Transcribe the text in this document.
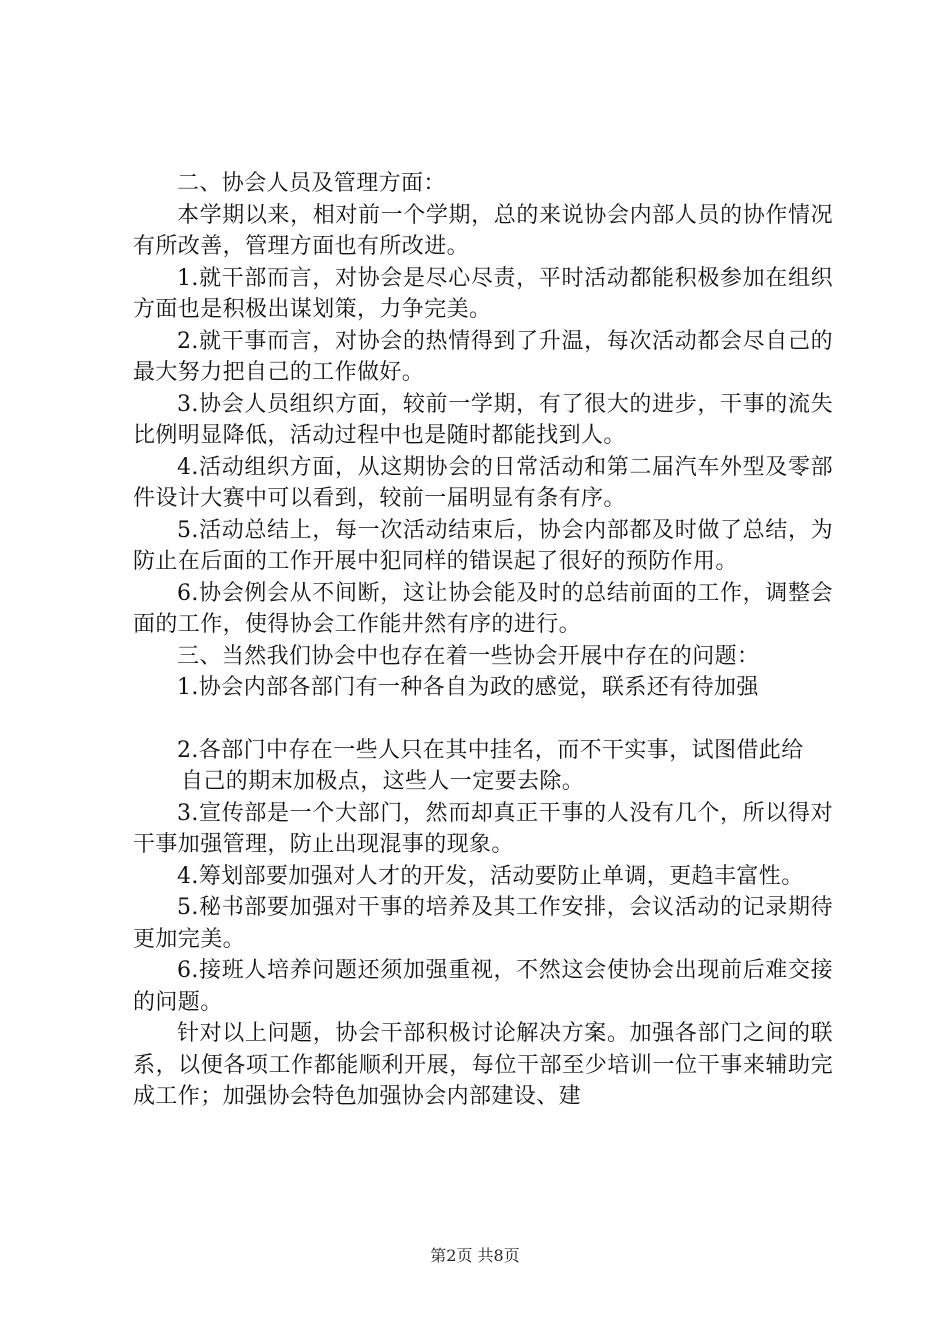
二、协会人员及管理方面：

本学期以来，相对前一个学期，总的来说协会内部人员的协作情况有所改善，管理方面也有所改进。

1.就干部而言，对协会是尽心尽责，平时活动都能积极参加在组织方面也是积极出谋划策，力争完美。

2.就干事而言，对协会的热情得到了升温，每次活动都会尽自己的最大努力把自己的工作做好。

3.协会人员组织方面，较前一学期，有了很大的进步，干事的流失比例明显降低，活动过程中也是随时都能找到人。

4.活动组织方面，从这期协会的日常活动和第二届汽车外型及零部件设计大赛中可以看到，较前一届明显有条有序。

5.活动总结上，每一次活动结束后，协会内部都及时做了总结，为防止在后面的工作开展中犯同样的错误起了很好的预防作用。

6.协会例会从不间断，这让协会能及时的总结前面的工作，调整会面的工作，使得协会工作能井然有序的进行。

三、当然我们协会中也存在着一些协会开展中存在的问题：

1.协会内部各部门有一种各自为政的感觉，联系还有待加强

2.各部门中存在一些人只在其中挂名，而不干实事，试图借此给

自己的期末加极点，这些人一定要去除。

3.宣传部是一个大部门，然而却真正干事的人没有几个，所以得对干事加强管理，防止出现混事的现象。

4.筹划部要加强对人才的开发，活动要防止单调，更趋丰富性。

5.秘书部要加强对干事的培养及其工作安排，会议活动的记录期待更加完美。

6.接班人培养问题还须加强重视，不然这会使协会出现前后难交接的问题。

针对以上问题，协会干部积极讨论解决方案。加强各部门之间的联系，以便各项工作都能顺利开展，每位干部至少培训一位干事来辅助完成工作；加强协会特色加强协会内部建设、建

第2页 共8页
